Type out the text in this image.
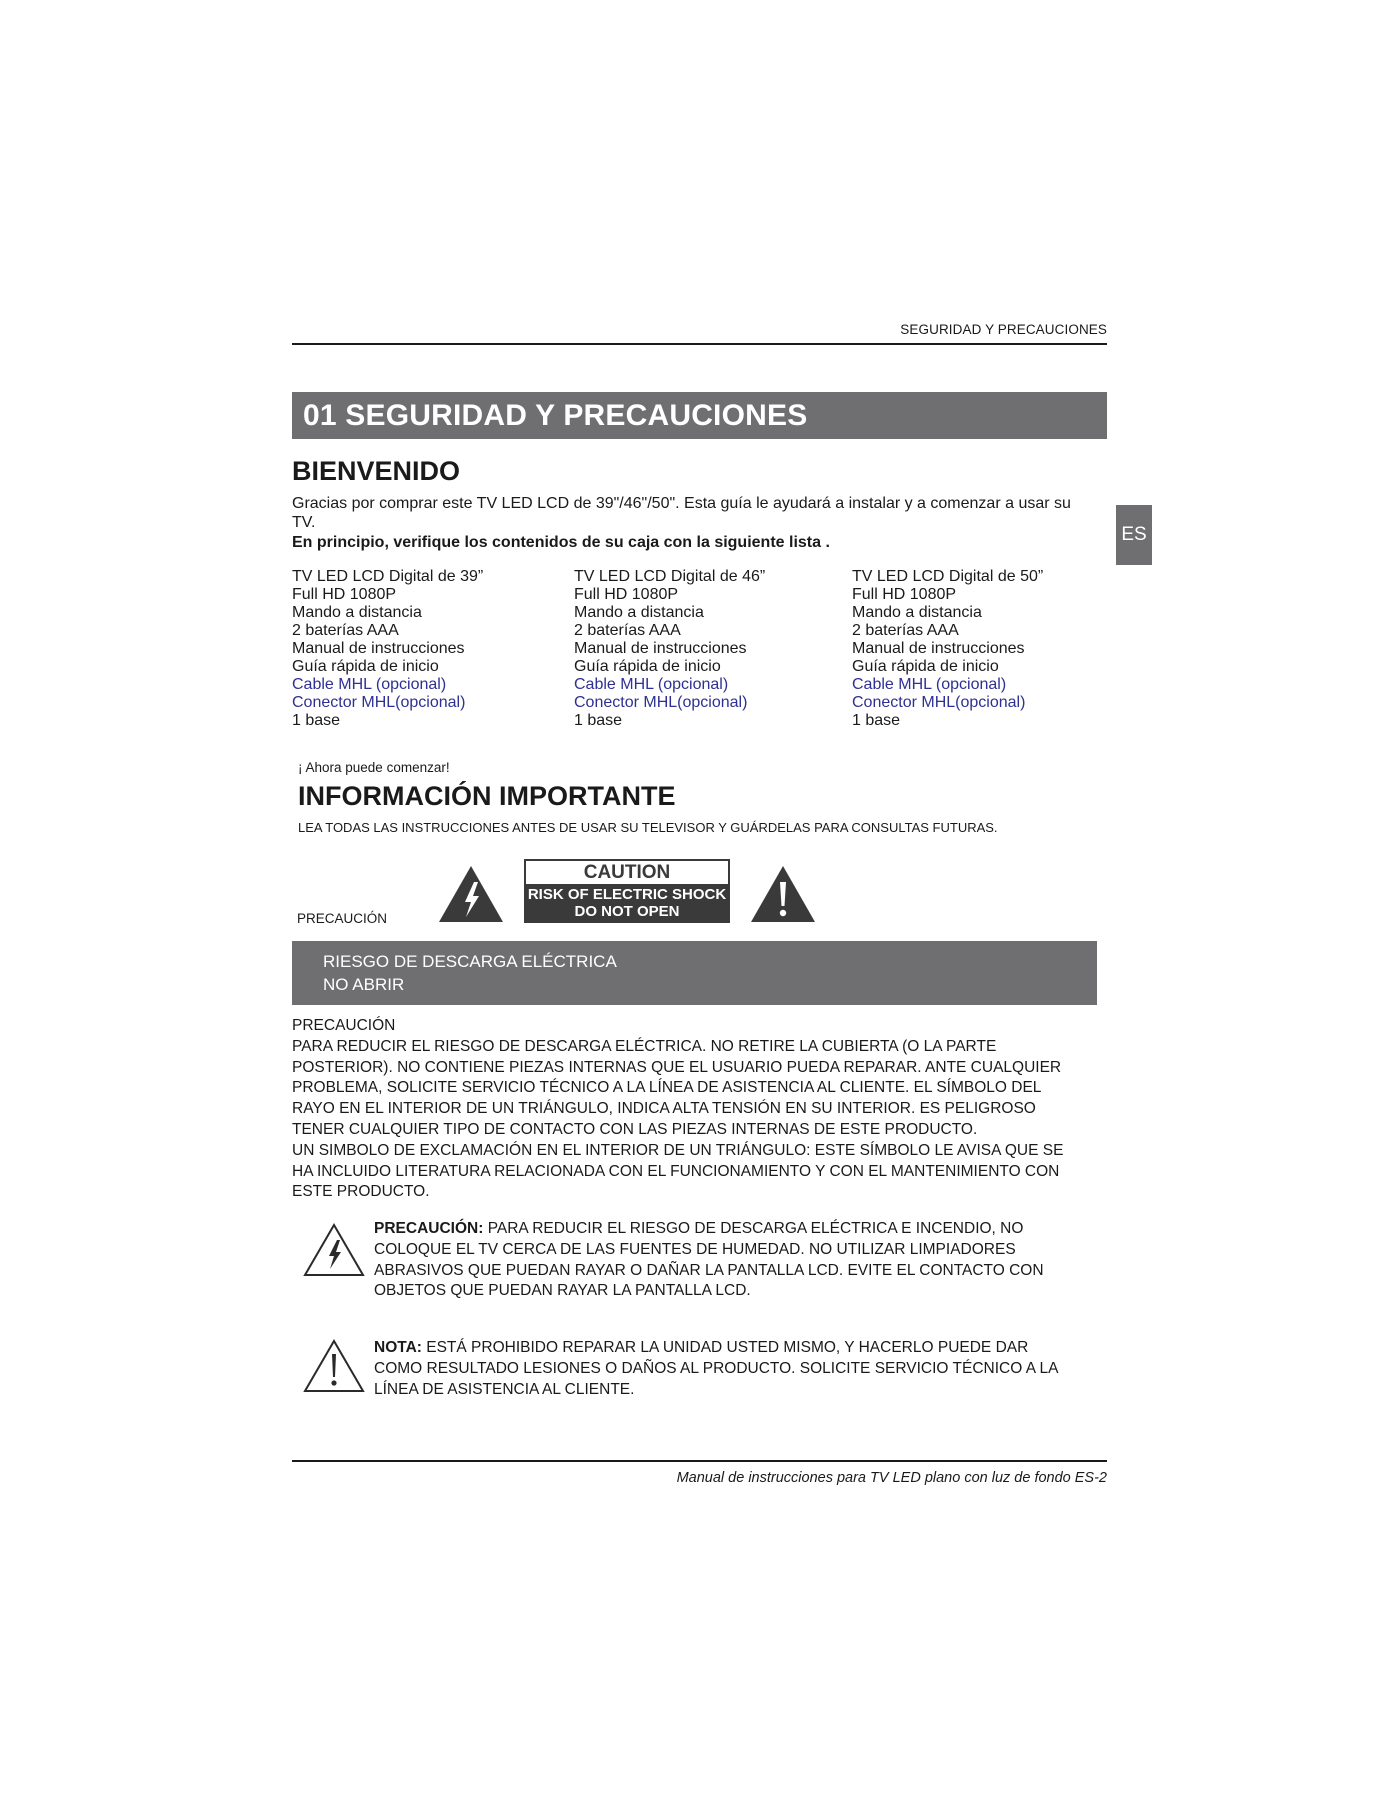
SEGURIDAD Y PRECAUCIONES
01 SEGURIDAD Y PRECAUCIONES
ES
BIENVENIDO
Gracias por comprar este TV LED LCD de 39"/46"/50". Esta guía le ayudará a instalar y a comenzar a usar su TV.
En principio, verifique los contenidos de su caja con la siguiente lista .
TV LED LCD Digital de 39”
Full HD 1080P
Mando a distancia
2 baterías AAA
Manual de instrucciones
Guía rápida de inicio
Cable MHL (opcional)
Conector MHL(opcional)
1 base
TV LED LCD Digital de 46”
Full HD 1080P
Mando a distancia
2 baterías AAA
Manual de instrucciones
Guía rápida de inicio
Cable MHL (opcional)
Conector MHL(opcional)
1 base
TV LED LCD Digital de 50”
Full HD 1080P
Mando a distancia
2 baterías AAA
Manual de instrucciones
Guía rápida de inicio
Cable MHL (opcional)
Conector MHL(opcional)
1 base
¡ Ahora puede comenzar!
INFORMACIÓN IMPORTANTE
LEA TODAS LAS INSTRUCCIONES ANTES DE USAR SU TELEVISOR Y GUÁRDELAS PARA CONSULTAS FUTURAS.
PRECAUCIÓN
CAUTION
RISK OF ELECTRIC SHOCK
DO NOT OPEN
RIESGO DE DESCARGA ELÉCTRICA
NO ABRIR
PRECAUCIÓN
PARA REDUCIR EL RIESGO DE DESCARGA ELÉCTRICA. NO RETIRE LA CUBIERTA (O LA PARTE POSTERIOR). NO CONTIENE PIEZAS INTERNAS QUE EL USUARIO PUEDA REPARAR. ANTE CUALQUIER PROBLEMA, SOLICITE SERVICIO TÉCNICO A LA LÍNEA DE ASISTENCIA AL CLIENTE. EL SÍMBOLO DEL RAYO EN EL INTERIOR DE UN TRIÁNGULO, INDICA ALTA TENSIÓN EN SU INTERIOR. ES PELIGROSO TENER CUALQUIER TIPO DE CONTACTO CON LAS PIEZAS INTERNAS DE ESTE PRODUCTO.
UN SIMBOLO DE EXCLAMACIÓN EN EL INTERIOR DE UN TRIÁNGULO: ESTE SÍMBOLO LE AVISA QUE SE HA INCLUIDO LITERATURA RELACIONADA CON EL FUNCIONAMIENTO Y CON EL MANTENIMIENTO CON ESTE PRODUCTO.
PRECAUCIÓN: PARA REDUCIR EL RIESGO DE DESCARGA ELÉCTRICA E INCENDIO, NO COLOQUE EL TV CERCA DE LAS FUENTES DE HUMEDAD. NO UTILIZAR LIMPIADORES ABRASIVOS QUE PUEDAN RAYAR O DAÑAR LA PANTALLA LCD. EVITE EL CONTACTO CON OBJETOS QUE PUEDAN RAYAR LA PANTALLA LCD.
NOTA: ESTÁ PROHIBIDO REPARAR LA UNIDAD USTED MISMO, Y HACERLO PUEDE DAR COMO RESULTADO LESIONES O DAÑOS AL PRODUCTO. SOLICITE SERVICIO TÉCNICO A LA LÍNEA DE ASISTENCIA AL CLIENTE.
Manual de instrucciones para TV LED plano con luz de fondo ES-2
